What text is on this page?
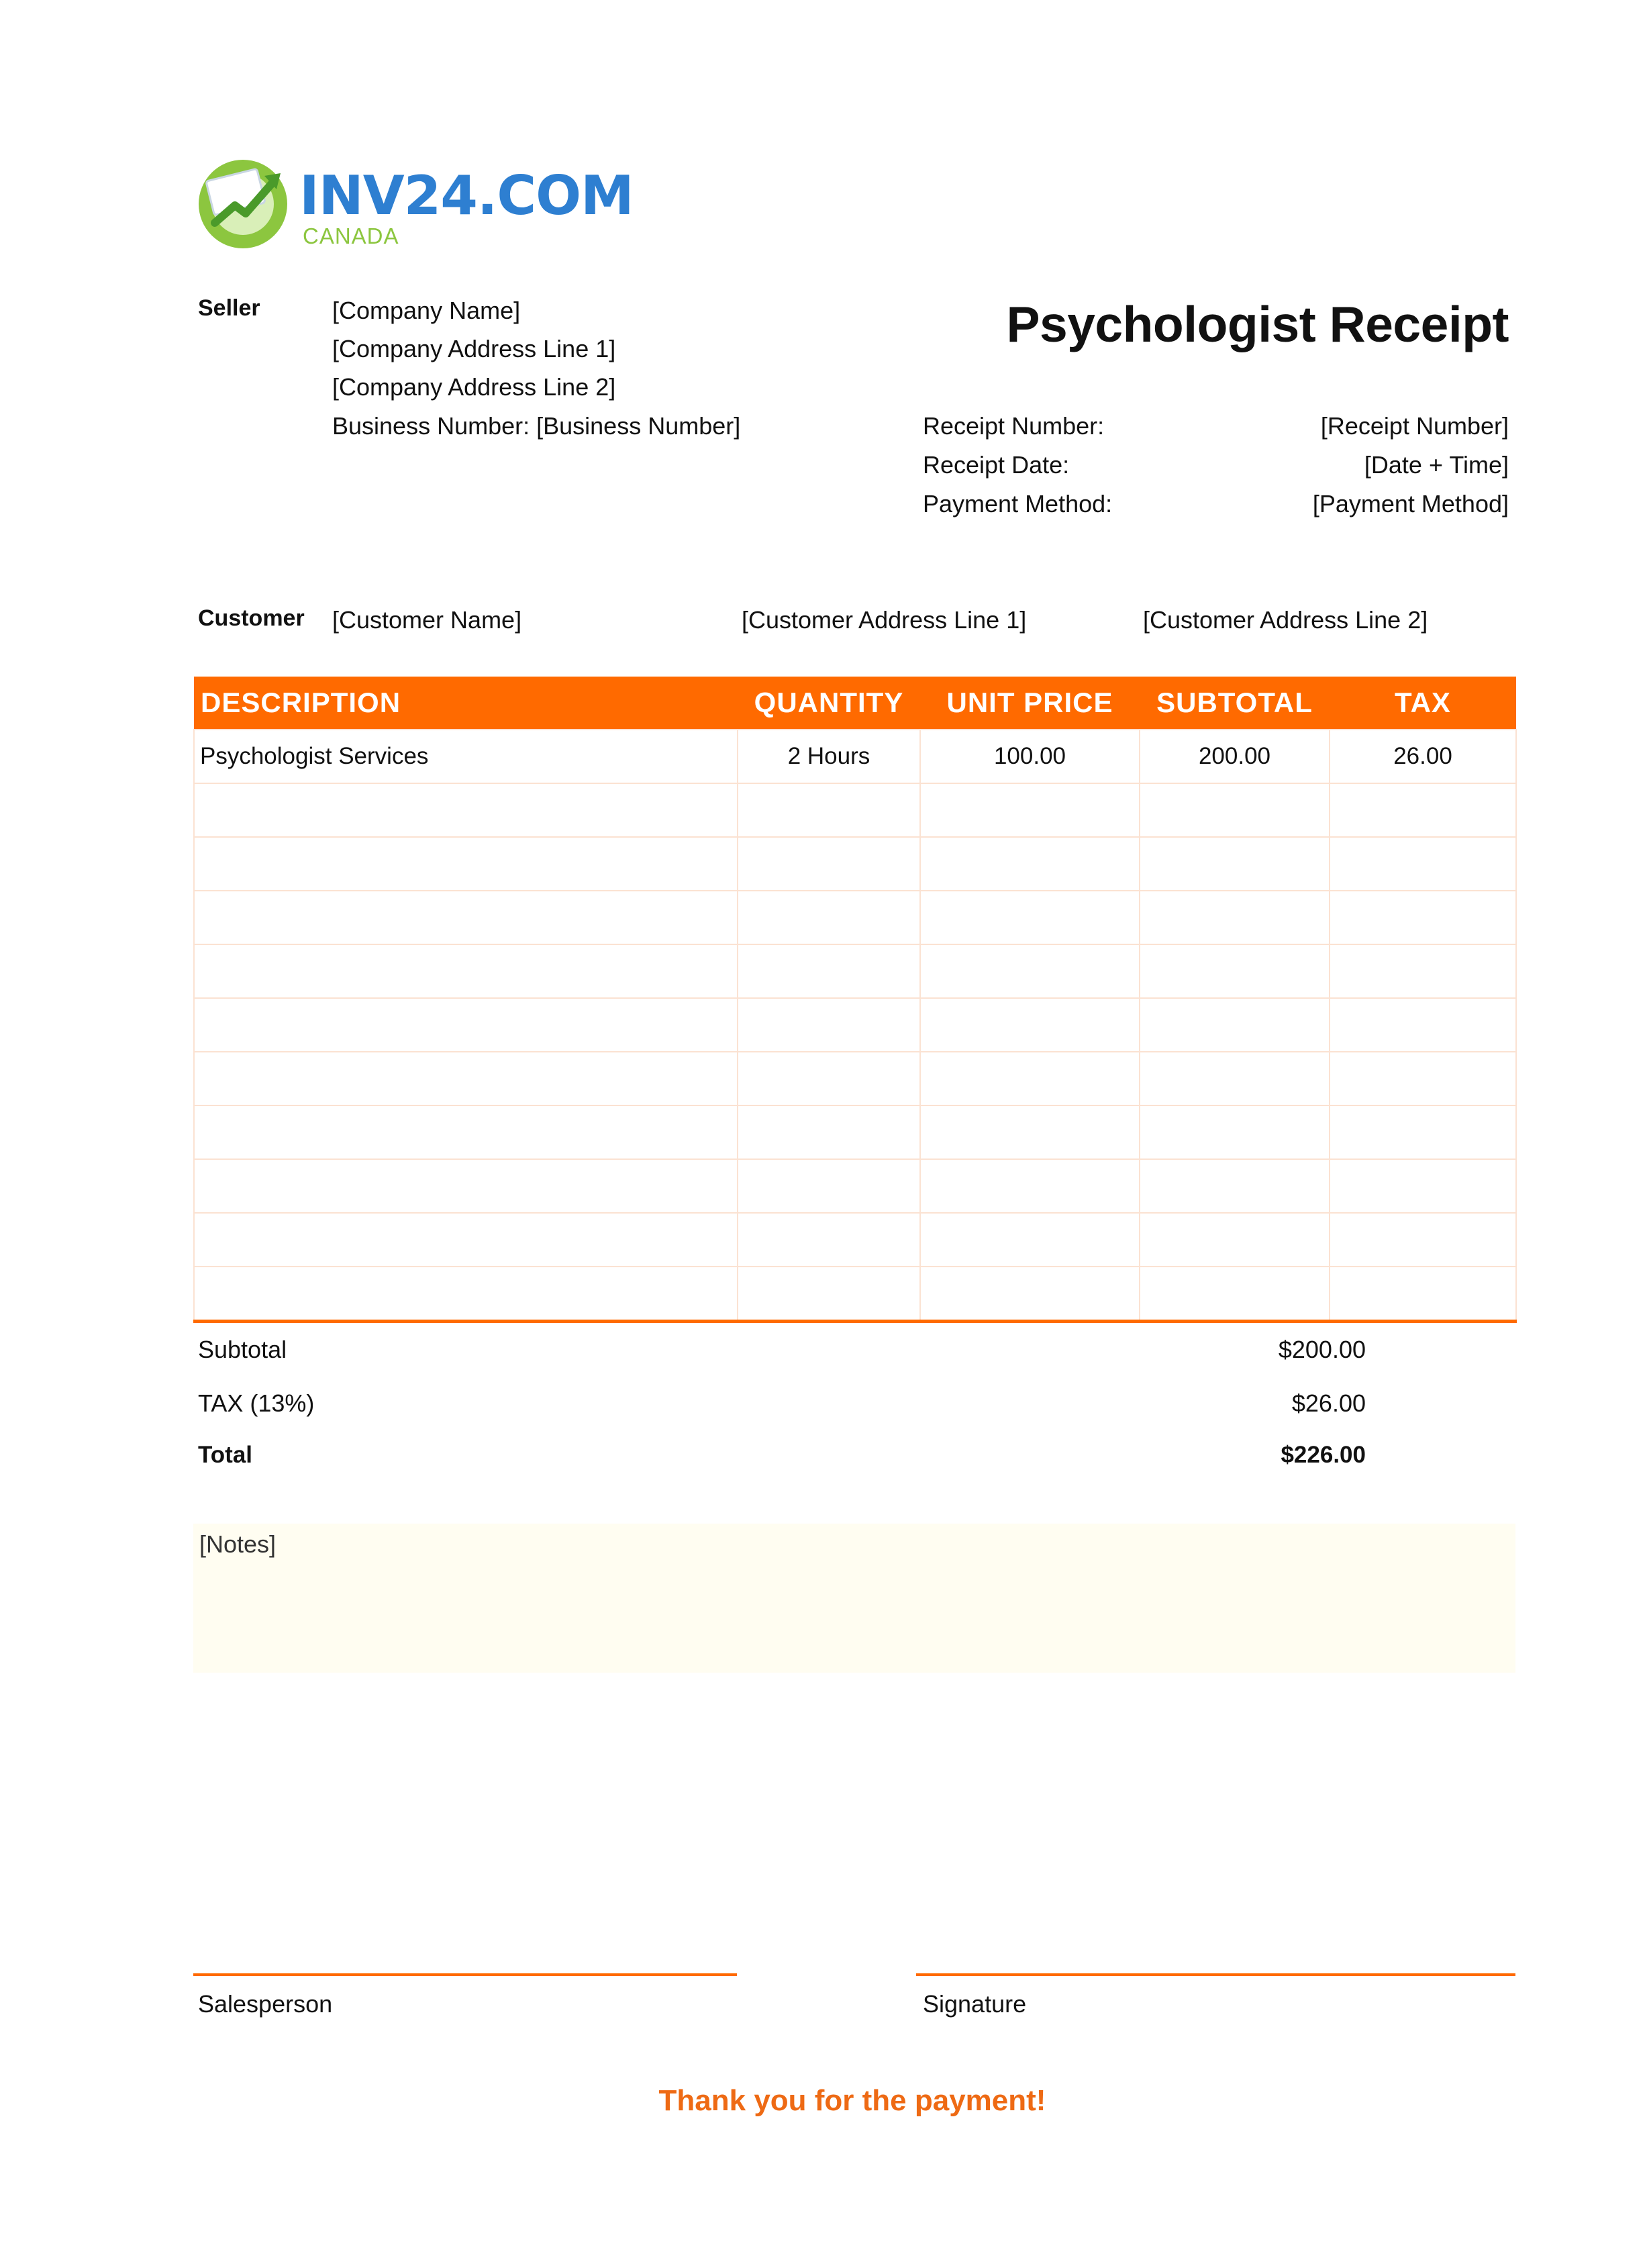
INV24.COM
CANADA
Seller	[Company Name]
[Company Address Line 1]
[Company Address Line 2]
Business Number: [Business Number]
Psychologist Receipt
Receipt Number:	[Receipt Number]
Receipt Date:	[Date + Time]
Payment Method:	[Payment Method]
Customer [Customer Name]	[Customer Address Line 1]	[Customer Address Line 2]
DESCRIPTION	QUANTITY	UNIT PRICE	SUBTOTAL	TAX
Psychologist Services	2 Hours	100.00	200.00	26.00

Subtotal	$200.00
TAX (13%)	$26.00
Total	$226.00
[Notes]
Salesperson	Signature
Thank you for the payment!
